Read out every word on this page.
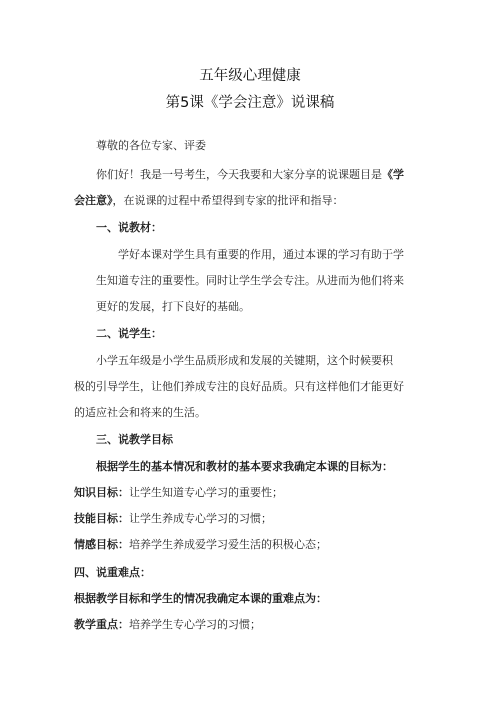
五年级心理健康
第5课《学会注意》说课稿
尊敬的各位专家、评委
你们好！我是一号考生，今天我要和大家分享的说课题目是《学
会注意》，在说课的过程中希望得到专家的批评和指导：
一、说教材：
学好本课对学生具有重要的作用，通过本课的学习有助于学
生知道专注的重要性。同时让学生学会专注。从进而为他们将来
更好的发展，打下良好的基础。
二、说学生：
小学五年级是小学生品质形成和发展的关键期，这个时候要积
极的引导学生，让他们养成专注的良好品质。只有这样他们才能更好
的适应社会和将来的生活。
三、说教学目标
根据学生的基本情况和教材的基本要求我确定本课的目标为：
知识目标：让学生知道专心学习的重要性；
技能目标：让学生养成专心学习的习惯；
情感目标：培养学生养成爱学习爱生活的积极心态；
四、说重难点：
根据教学目标和学生的情况我确定本课的重难点为：
教学重点：培养学生专心学习的习惯；
